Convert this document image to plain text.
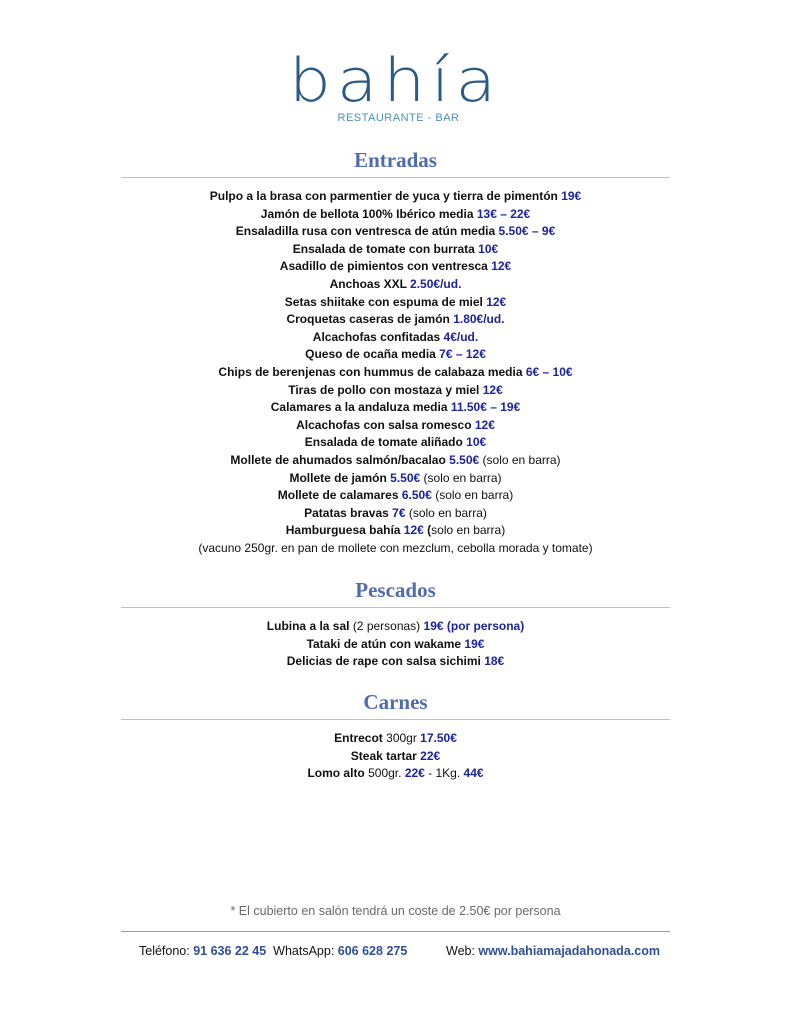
bahía
RESTAURANTE - BAR
Entradas
Pulpo a la brasa con parmentier de yuca y tierra de pimentón 19€
Jamón de bellota 100% Ibérico media 13€ – 22€
Ensaladilla rusa con ventresca de atún media 5.50€ – 9€
Ensalada de tomate con burrata 10€
Asadillo de pimientos con ventresca 12€
Anchoas XXL 2.50€/ud.
Setas shiitake con espuma de miel 12€
Croquetas caseras de jamón 1.80€/ud.
Alcachofas confitadas 4€/ud.
Queso de ocaña media 7€ – 12€
Chips de berenjenas con hummus de calabaza media 6€ – 10€
Tiras de pollo con mostaza y miel 12€
Calamares a la andaluza media 11.50€ – 19€
Alcachofas con salsa romesco 12€
Ensalada de tomate aliñado 10€
Mollete de ahumados salmón/bacalao 5.50€ (solo en barra)
Mollete de jamón 5.50€ (solo en barra)
Mollete de calamares 6.50€ (solo en barra)
Patatas bravas 7€ (solo en barra)
Hamburguesa bahía 12€ (solo en barra)
(vacuno 250gr. en pan de mollete con mezclum, cebolla morada y tomate)
Pescados
Lubina a la sal (2 personas) 19€ (por persona)
Tataki de atún con wakame 19€
Delicias de rape con salsa sichimi 18€
Carnes
Entrecot 300gr 17.50€
Steak tartar 22€
Lomo alto 500gr. 22€ - 1Kg. 44€
* El cubierto en salón tendrá un coste de 2.50€ por persona
Teléfono: 91 636 22 45  WhatsApp: 606 628 275	Web: www.bahiamajadahonada.com
